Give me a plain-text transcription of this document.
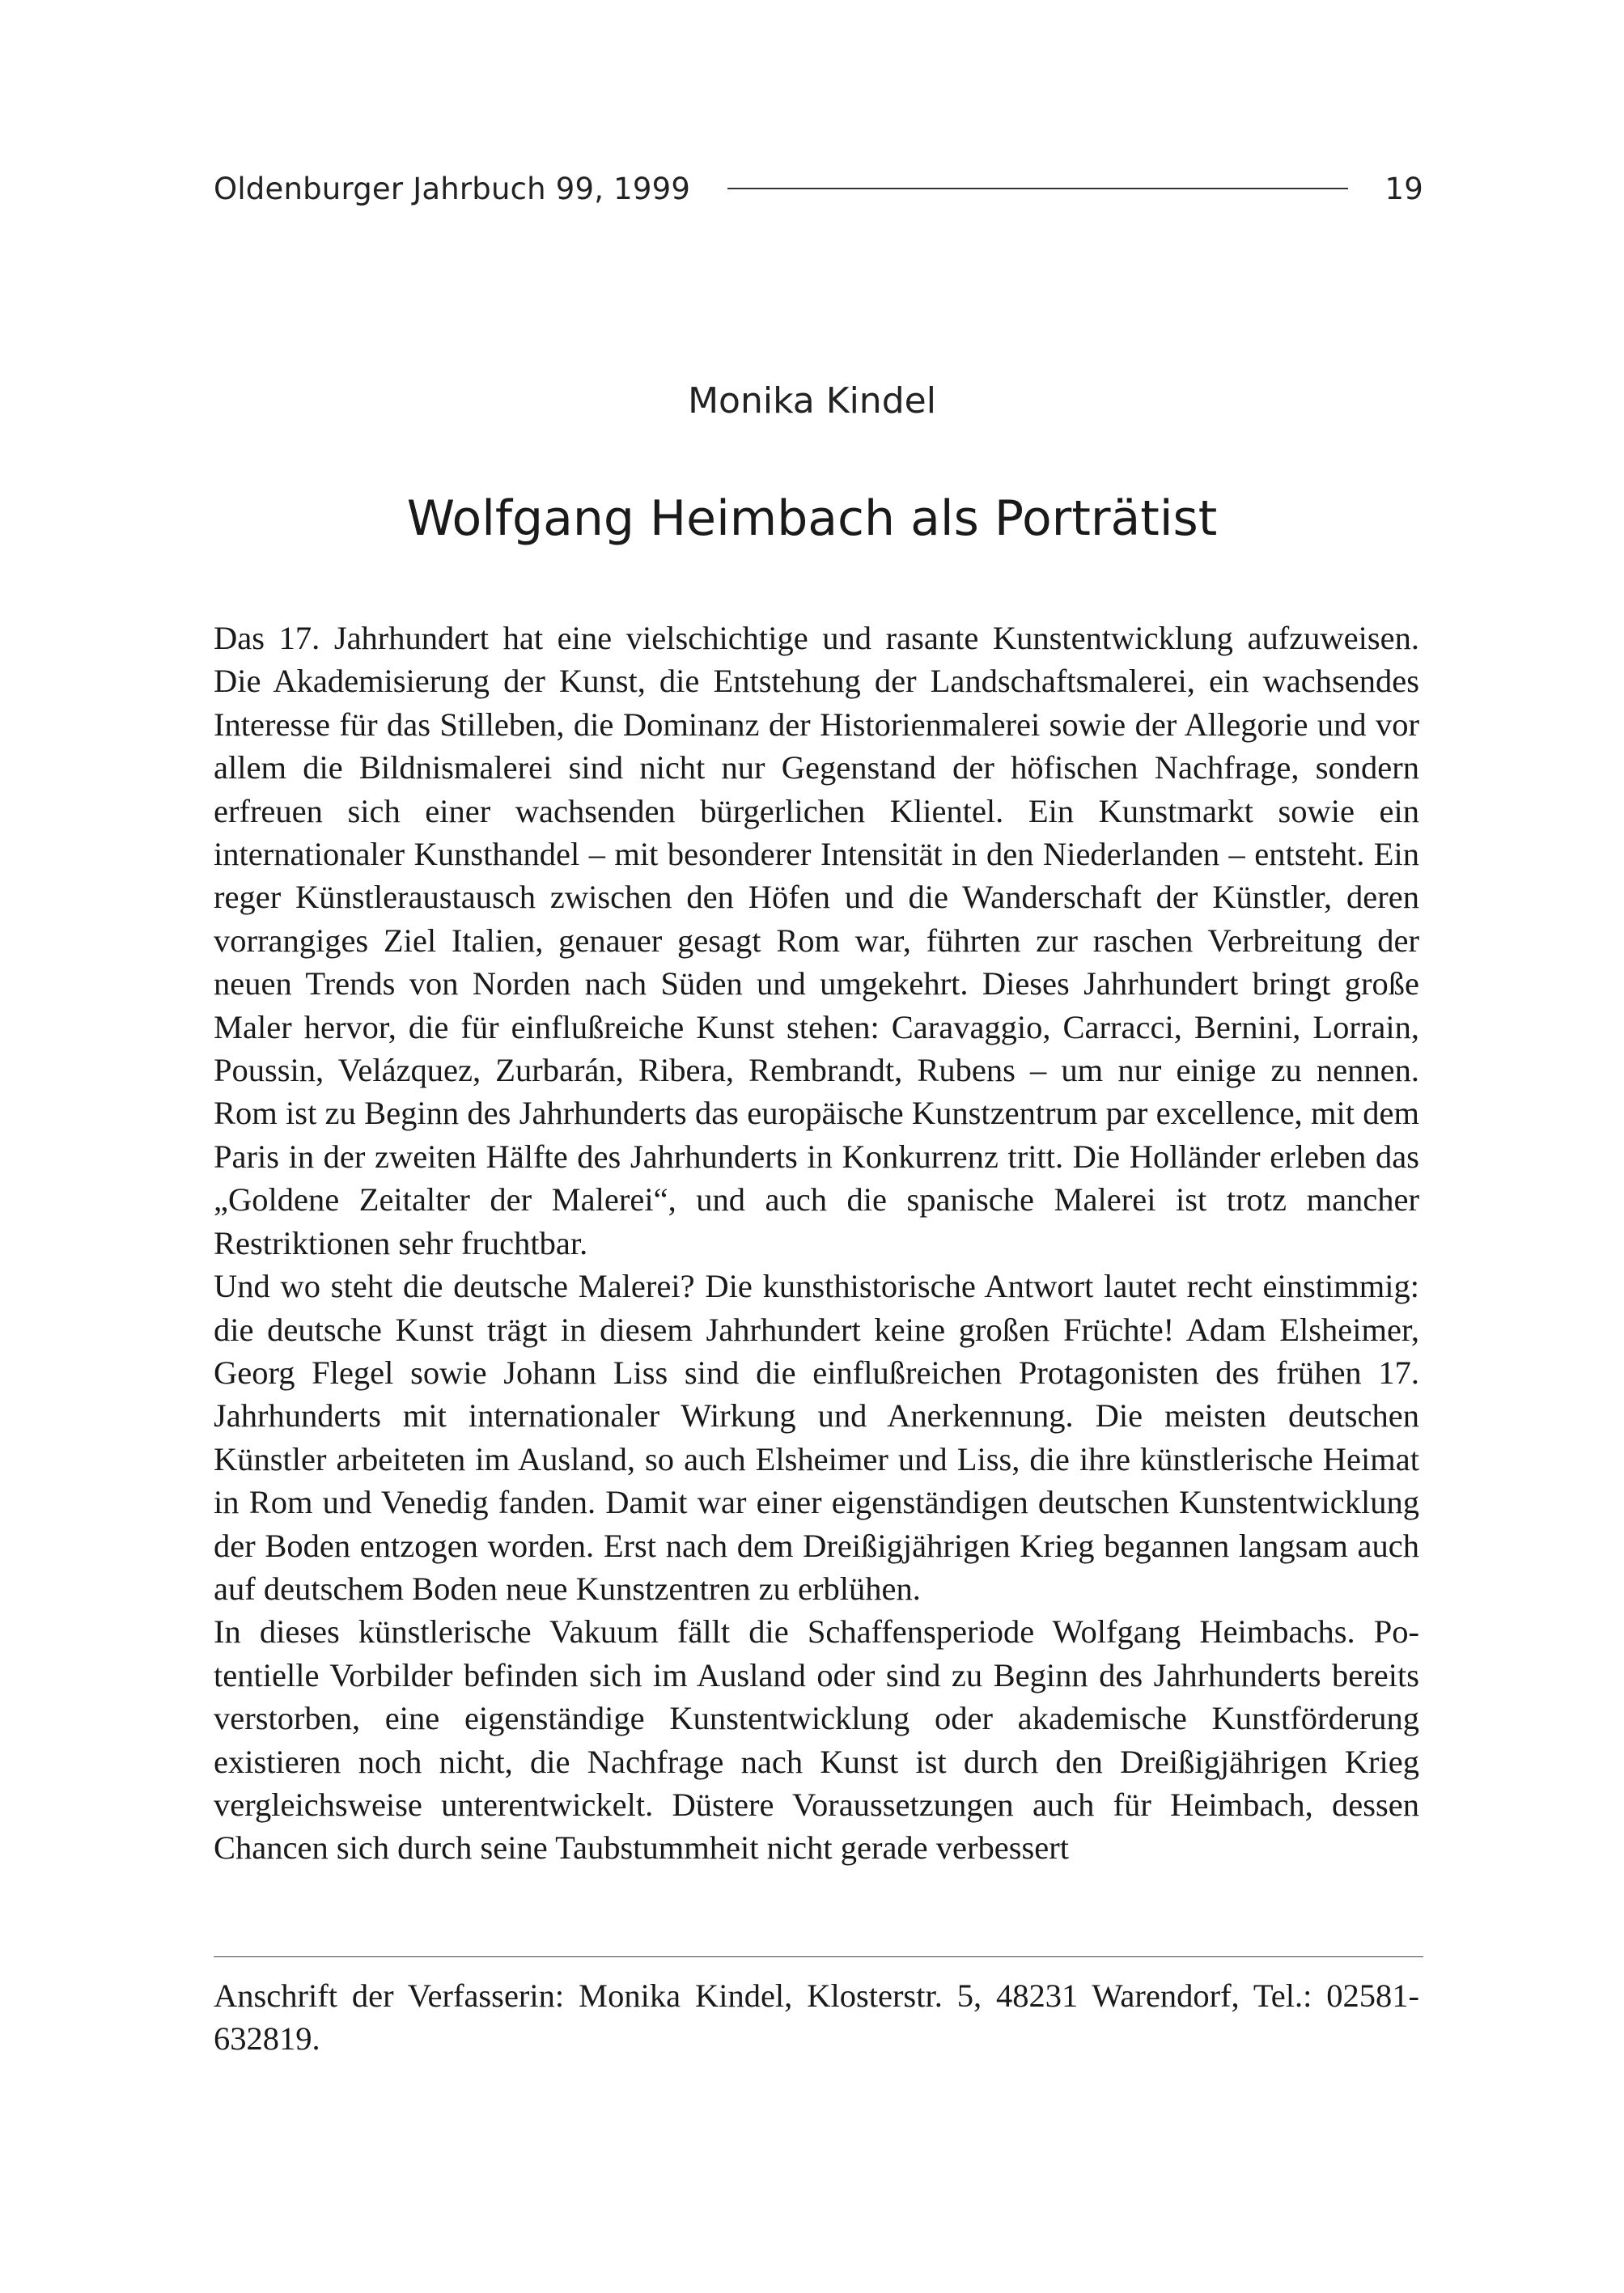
Oldenburger Jahrbuch 99, 1999	19
Monika Kindel
Wolfgang Heimbach als Porträtist

Das 17. Jahrhundert hat eine vielschichtige und rasante Kunstentwicklung aufzuweisen. Die Akademisierung der Kunst, die Entstehung der Landschaftsmalerei, ein wachsendes Interesse für das Stilleben, die Dominanz der Historienmalerei sowie der Allegorie und vor allem die Bildnismalerei sind nicht nur Gegenstand der höfischen Nachfrage, sondern erfreuen sich einer wachsenden bürgerlichen Klientel. Ein Kunstmarkt sowie ein internationaler Kunsthandel – mit besonderer Intensität in den Niederlanden – entsteht. Ein reger Künstleraustausch zwischen den Höfen und die Wanderschaft der Künstler, deren vorrangiges Ziel Italien, genauer gesagt Rom war, führten zur raschen Verbreitung der neuen Trends von Norden nach Süden und umgekehrt. Dieses Jahrhundert bringt große Maler hervor, die für einflußreiche Kunst stehen: Caravaggio, Carracci, Bernini, Lorrain, Poussin, Velázquez, Zurbarán, Ribera, Rembrandt, Rubens – um nur einige zu nennen. Rom ist zu Beginn des Jahrhunderts das europäische Kunstzentrum par excellence, mit dem Paris in der zweiten Hälfte des Jahrhunderts in Konkurrenz tritt. Die Holländer erleben das „Goldene Zeitalter der Malerei“, und auch die spanische Malerei ist trotz mancher Restriktionen sehr fruchtbar.

Und wo steht die deutsche Malerei? Die kunsthistorische Antwort lautet recht einstimmig: die deutsche Kunst trägt in diesem Jahrhundert keine großen Früchte! Adam Elsheimer, Georg Flegel sowie Johann Liss sind die einflußreichen Protagonisten des frühen 17. Jahrhunderts mit internationaler Wirkung und Anerkennung. Die meisten deutschen Künstler arbeiteten im Ausland, so auch Elsheimer und Liss, die ihre künstlerische Heimat in Rom und Venedig fanden. Damit war einer eigenständigen deutschen Kunstentwicklung der Boden entzogen worden. Erst nach dem Dreißigjährigen Krieg begannen langsam auch auf deutschem Boden neue Kunstzentren zu erblühen.

In dieses künstlerische Vakuum fällt die Schaffensperiode Wolfgang Heimbachs. Potentielle Vorbilder befinden sich im Ausland oder sind zu Beginn des Jahrhunderts bereits verstorben, eine eigenständige Kunstentwicklung oder akademische Kunstförderung existieren noch nicht, die Nachfrage nach Kunst ist durch den Dreißigjährigen Krieg vergleichsweise unterentwickelt. Düstere Voraussetzungen auch für Heimbach, dessen Chancen sich durch seine Taubstummheit nicht gerade verbessert

Anschrift der Verfasserin: Monika Kindel, Klosterstr. 5, 48231 Warendorf, Tel.: 02581-632819.
